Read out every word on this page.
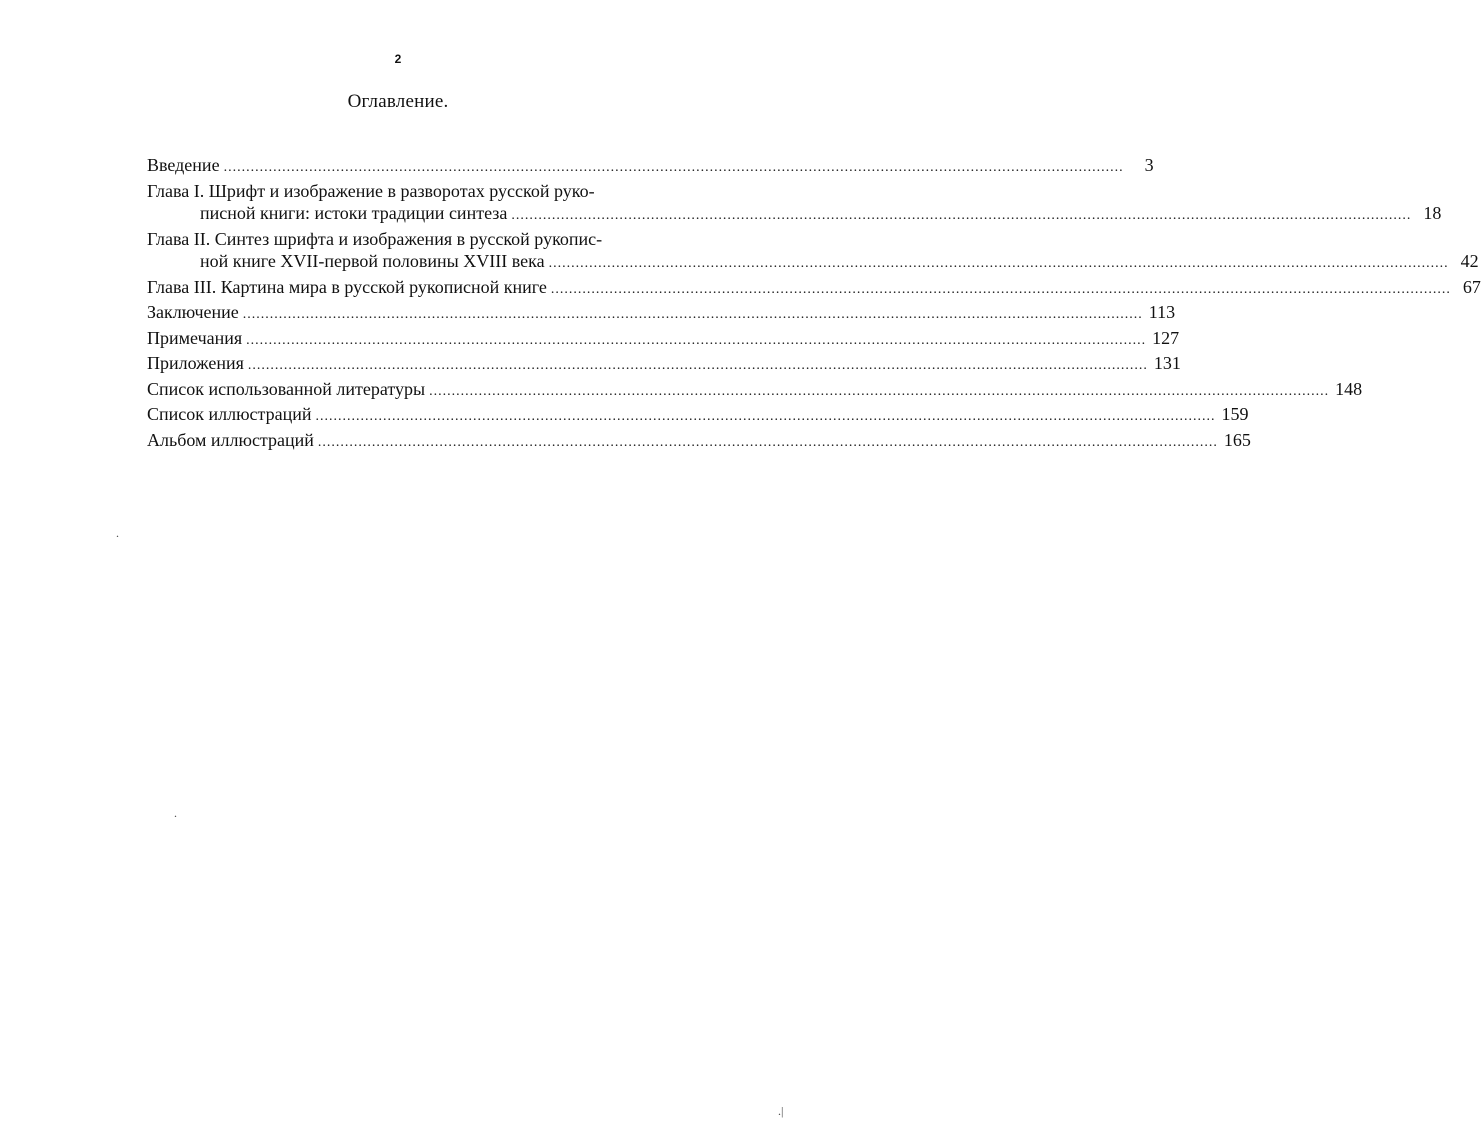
2
Оглавление.
Введение ........................................................................................................................................................................................................	3
Глава I. Шрифт и изображение в разворотах русской руко-
писной книги: истоки традиции синтеза ........................................................................................................................................................................................................ 18
Глава II. Синтез шрифта и изображения в русской рукопис-
ной книге XVII-первой половины XVIII века ........................................................................................................................................................................................................ 42
Глава III. Картина мира в русской рукописной книге ........................................................................................................................................................................................................ 67
Заключение ........................................................................................................................................................................................................ 113
Примечания ........................................................................................................................................................................................................ 127
Приложения ........................................................................................................................................................................................................ 131
Список использованной литературы ........................................................................................................................................................................................................ 148
Список иллюстраций ........................................................................................................................................................................................................ 159
Альбом иллюстраций ........................................................................................................................................................................................................ 165
.
.
.|
